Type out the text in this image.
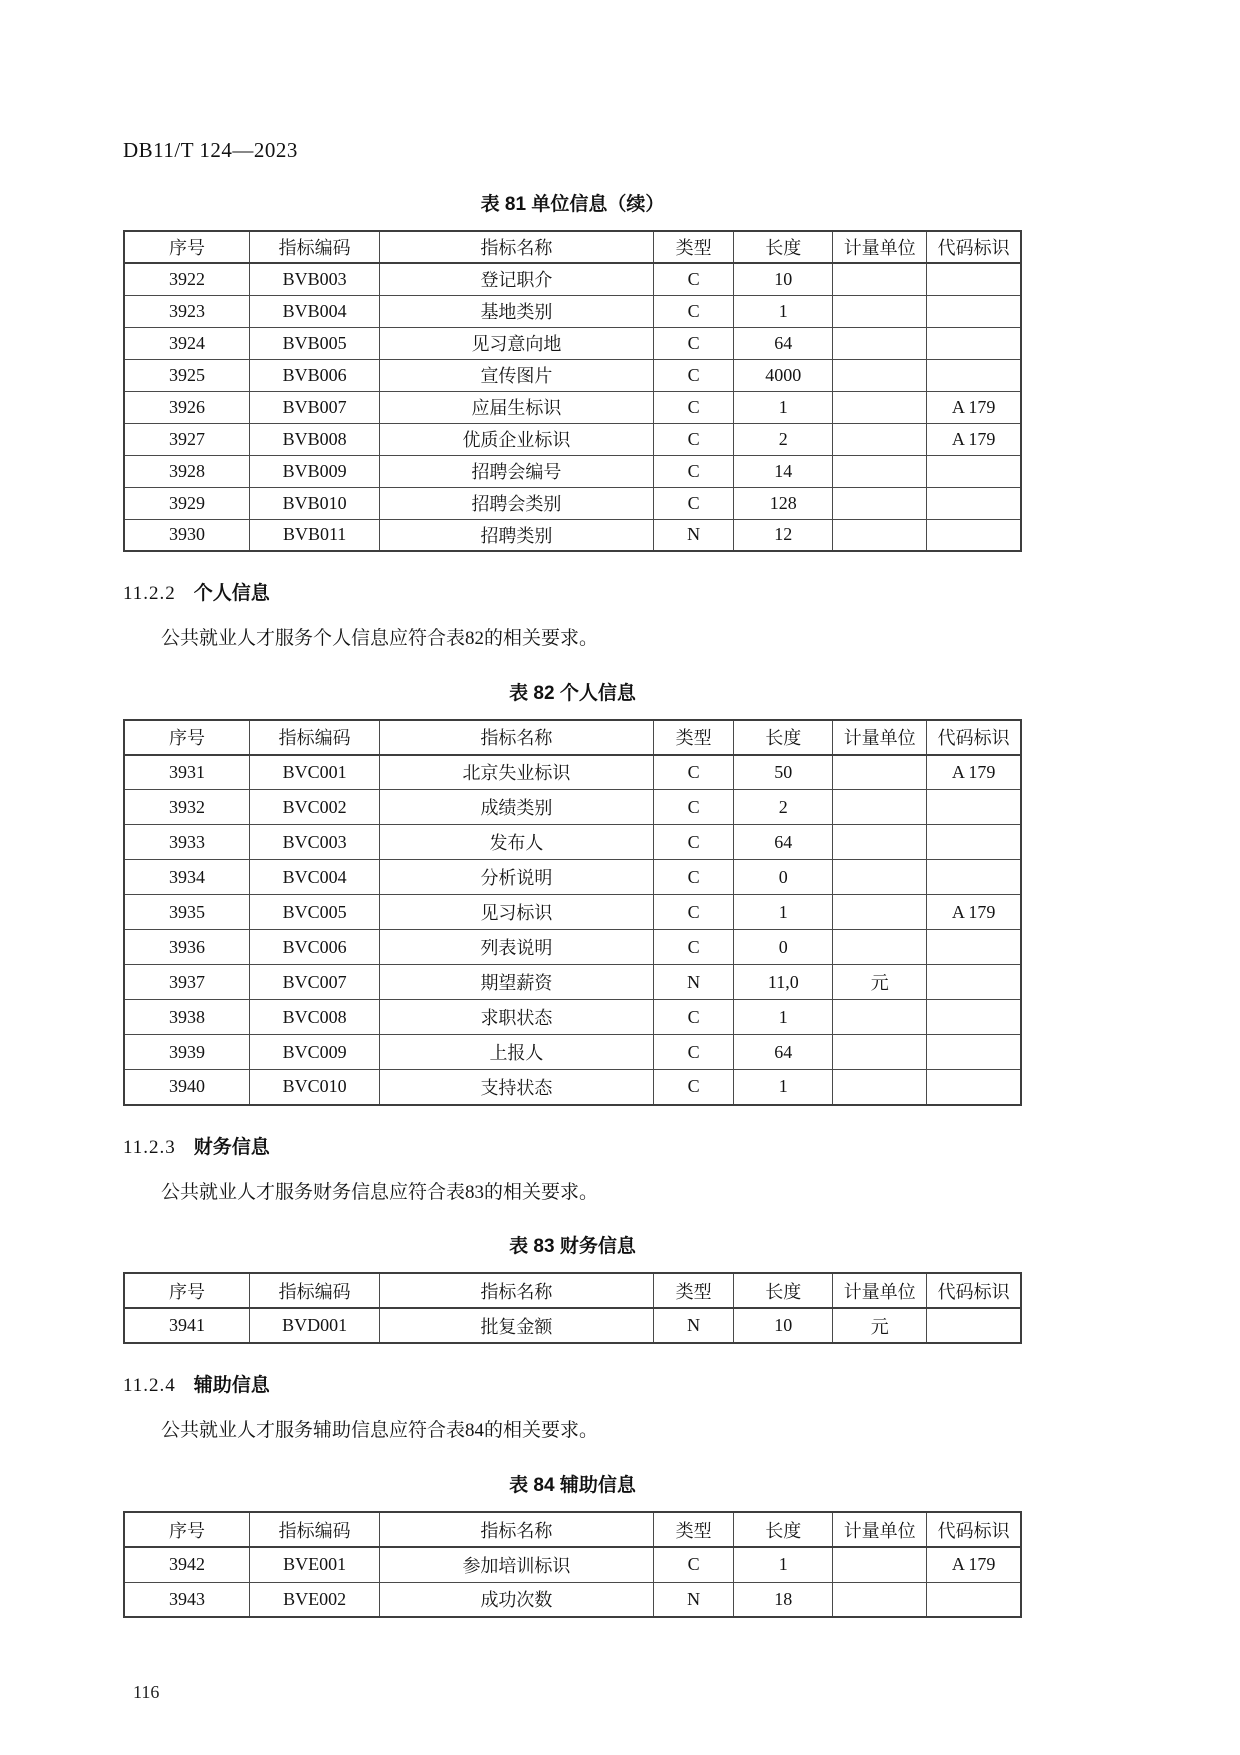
DB11/T 124—2023
表 81 单位信息（续）
序号	指标编码	指标名称	类型	长度	计量单位	代码标识
3922	BVB003	登记职介	C	10		
3923	BVB004	基地类别	C	1		
3924	BVB005	见习意向地	C	64		
3925	BVB006	宣传图片	C	4000		
3926	BVB007	应届生标识	C	1		A 179
3927	BVB008	优质企业标识	C	2		A 179
3928	BVB009	招聘会编号	C	14		
3929	BVB010	招聘会类别	C	128		
3930	BVB011	招聘类别	N	12		
11.2.2 个人信息

公共就业人才服务个人信息应符合表82的相关要求。

表 82 个人信息
序号	指标编码	指标名称	类型	长度	计量单位	代码标识
3931	BVC001	北京失业标识	C	50		A 179
3932	BVC002	成绩类别	C	2		
3933	BVC003	发布人	C	64		
3934	BVC004	分析说明	C	0		
3935	BVC005	见习标识	C	1		A 179
3936	BVC006	列表说明	C	0		
3937	BVC007	期望薪资	N	11,0	元	
3938	BVC008	求职状态	C	1		
3939	BVC009	上报人	C	64		
3940	BVC010	支持状态	C	1		
11.2.3 财务信息

公共就业人才服务财务信息应符合表83的相关要求。

表 83 财务信息
序号	指标编码	指标名称	类型	长度	计量单位	代码标识
3941	BVD001	批复金额	N	10	元	
11.2.4 辅助信息

公共就业人才服务辅助信息应符合表84的相关要求。

表 84 辅助信息
序号	指标编码	指标名称	类型	长度	计量单位	代码标识
3942	BVE001	参加培训标识	C	1		A 179
3943	BVE002	成功次数	N	18		
116
